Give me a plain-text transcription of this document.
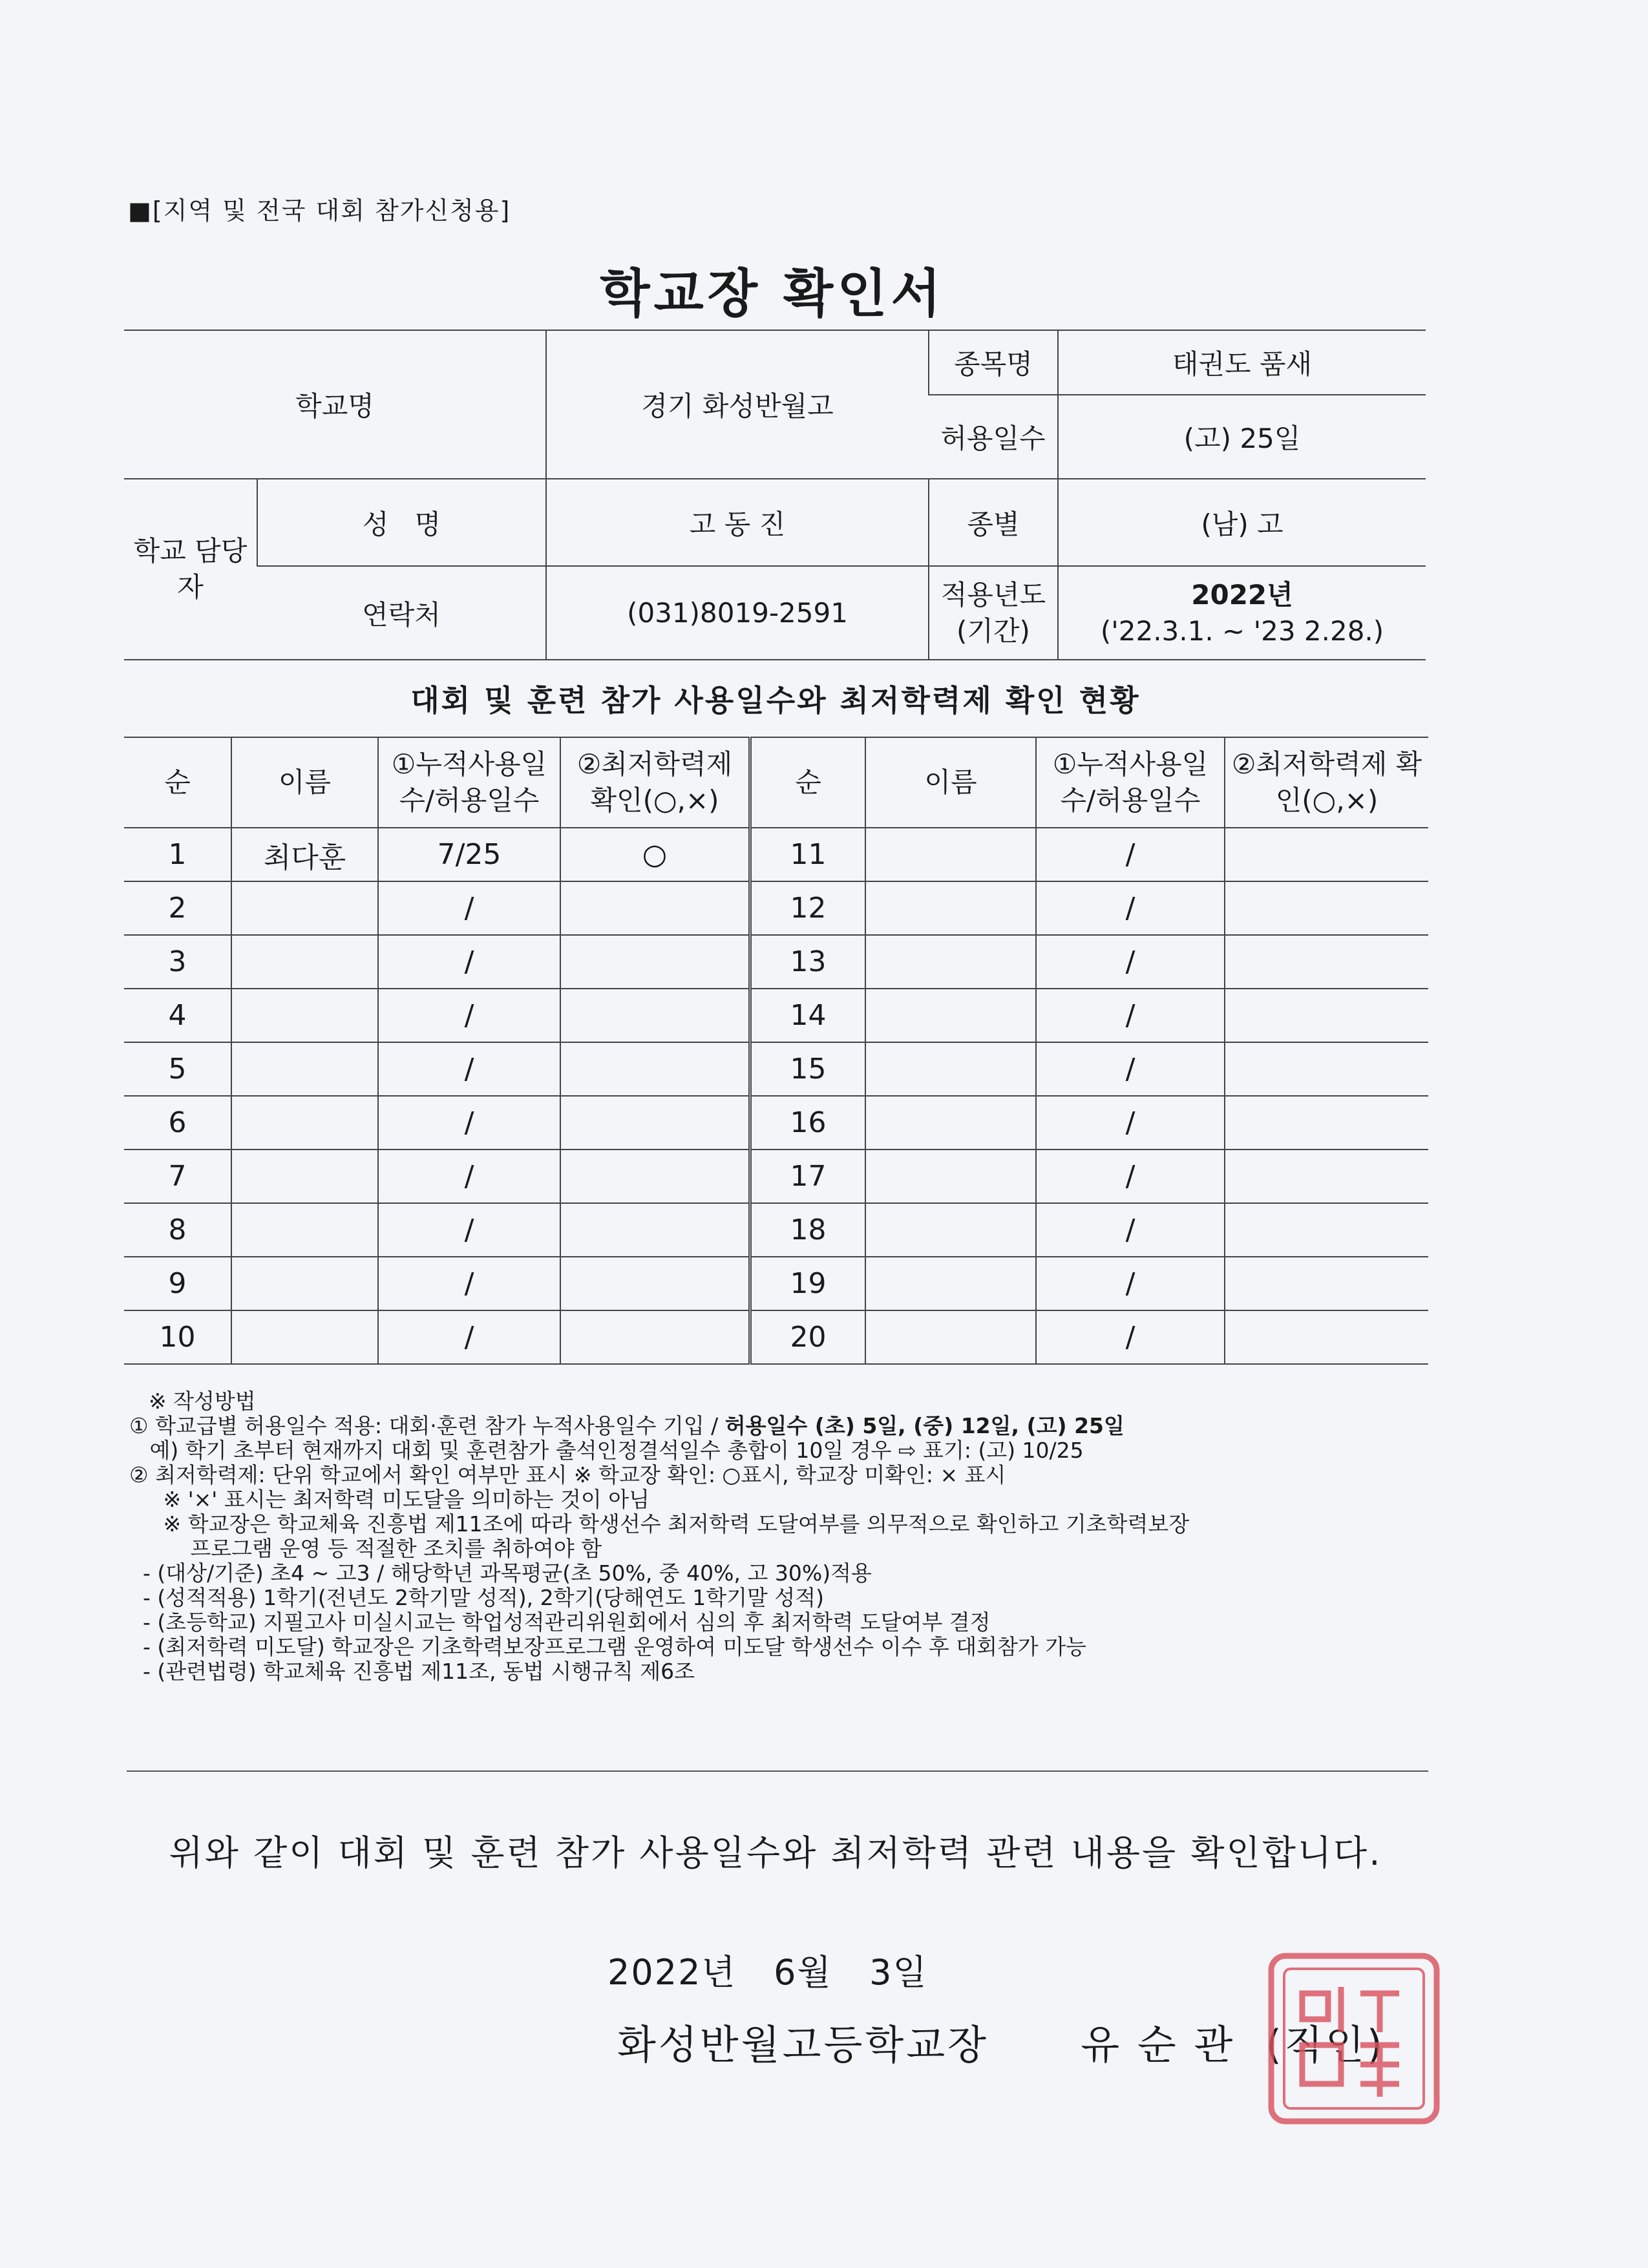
■[지역 및 전국 대회 참가신청용]
학교장 확인서
학교명		경기 화성반월고	종목명	태권도 품새
			허용일수	(고) 25일
학교 담당자	성   명	고 동 진	종별	(남) 고
	연락처	(031)8019-2591	적용년도 (기간)	2022년
('22.3.1. ~ '23 2.28.)
대회 및 훈련 참가 사용일수와 최저학력제 확인 현황
순	이름	①누적사용일수/허용일수	②최저학력제 확인(○,×)	순	이름	①누적사용일수/허용일수	②최저학력제 확인(○,×)
1	최다훈	7/25	○	11		/	
2		/		12		/	
3		/		13		/	
4		/		14		/	
5		/		15		/	
6		/		16		/	
7		/		17		/	
8		/		18		/	
9		/		19		/	
10		/		20		/	
※ 작성방법
① 학교급별 허용일수 적용: 대회·훈련 참가 누적사용일수 기입 / 허용일수 (초) 5일, (중) 12일, (고) 25일
예) 학기 초부터 현재까지 대회 및 훈련참가 출석인정결석일수 총합이 10일 경우 ⇨ 표기: (고) 10/25
② 최저학력제: 단위 학교에서 확인 여부만 표시 ※ 학교장 확인: ○표시, 학교장 미확인: × 표시
※ '×' 표시는 최저학력 미도달을 의미하는 것이 아님
※ 학교장은 학교체육 진흥법 제11조에 따라 학생선수 최저학력 도달여부를 의무적으로 확인하고 기초학력보장
프로그램 운영 등 적절한 조치를 취하여야 함
- (대상/기준) 초4 ~ 고3 / 해당학년 과목평균(초 50%, 중 40%, 고 30%)적용
- (성적적용) 1학기(전년도 2학기말 성적), 2학기(당해연도 1학기말 성적)
- (초등학교) 지필고사 미실시교는 학업성적관리위원회에서 심의 후 최저학력 도달여부 결정
- (최저학력 미도달) 학교장은 기초학력보장프로그램 운영하여 미도달 학생선수 이수 후 대회참가 가능
- (관련법령) 학교체육 진흥법 제11조, 동법 시행규칙 제6조
위와 같이 대회 및 훈련 참가 사용일수와 최저학력 관련 내용을 확인합니다.
2022년   6월   3일
화성반월고등학교장      유 순 관  (직인)
